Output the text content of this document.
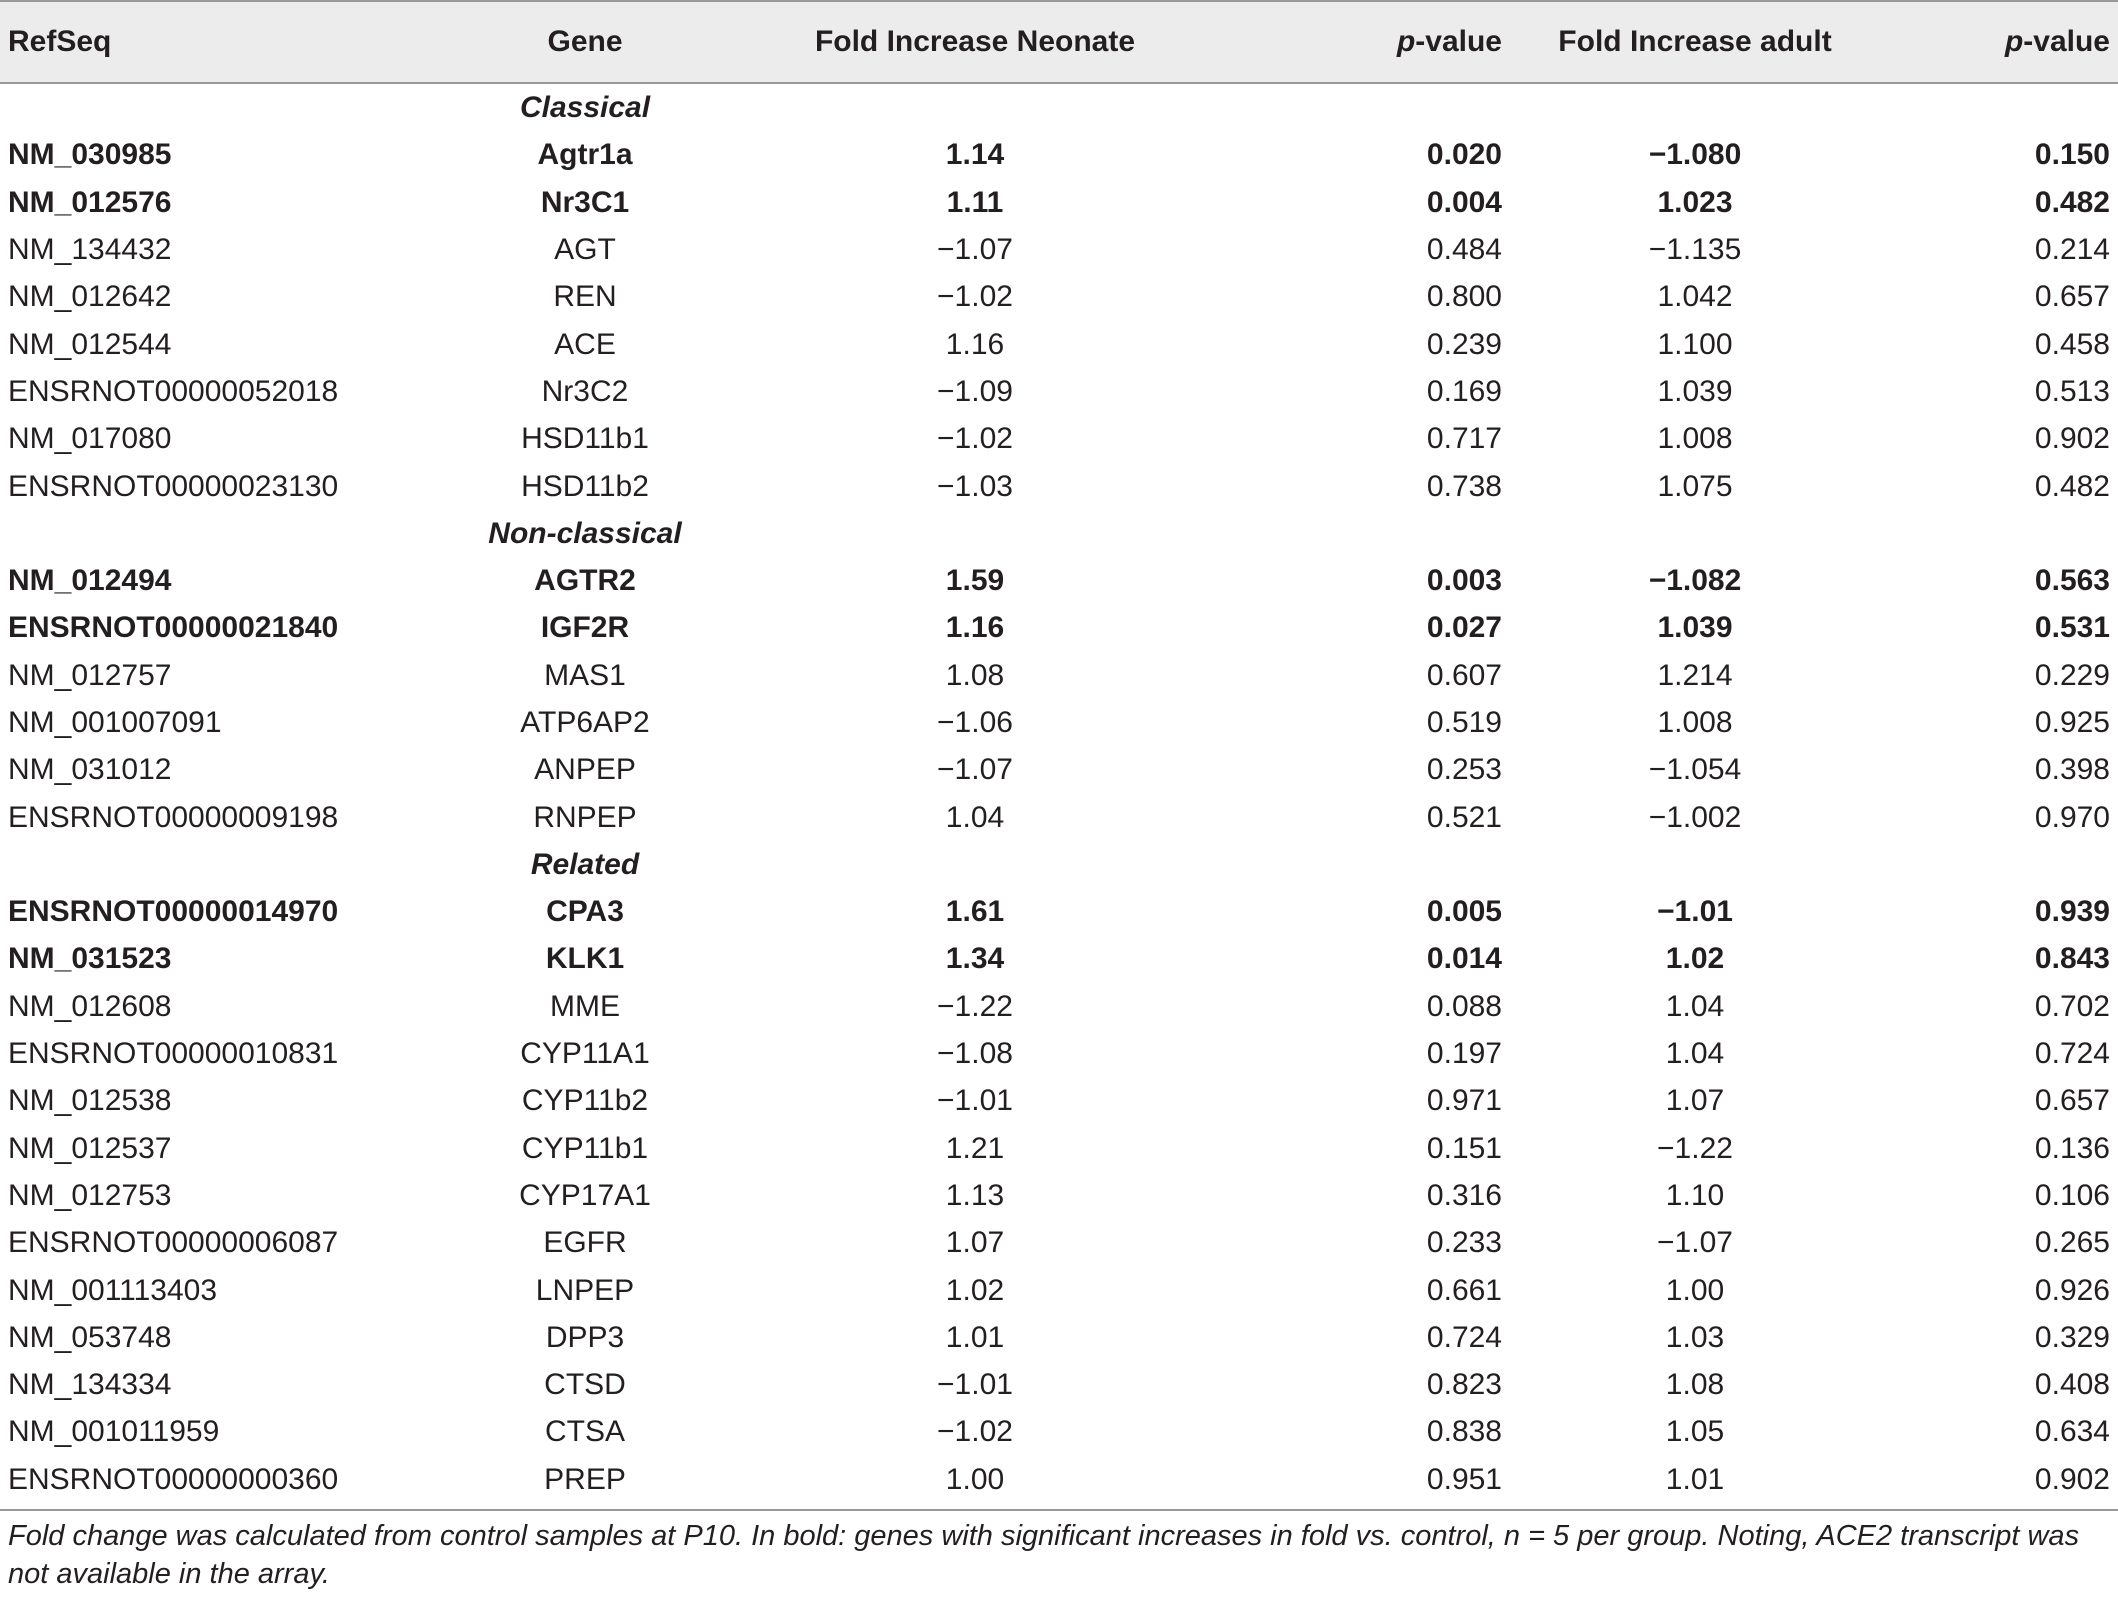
RefSeq	Gene	Fold Increase Neonate	p-value	Fold Increase adult	p-value
	Classical				
NM_030985	Agtr1a	1.14	0.020	−1.080	0.150
NM_012576	Nr3C1	1.11	0.004	1.023	0.482
NM_134432	AGT	−1.07	0.484	−1.135	0.214
NM_012642	REN	−1.02	0.800	1.042	0.657
NM_012544	ACE	1.16	0.239	1.100	0.458
ENSRNOT00000052018	Nr3C2	−1.09	0.169	1.039	0.513
NM_017080	HSD11b1	−1.02	0.717	1.008	0.902
ENSRNOT00000023130	HSD11b2	−1.03	0.738	1.075	0.482
	Non-classical				
NM_012494	AGTR2	1.59	0.003	−1.082	0.563
ENSRNOT00000021840	IGF2R	1.16	0.027	1.039	0.531
NM_012757	MAS1	1.08	0.607	1.214	0.229
NM_001007091	ATP6AP2	−1.06	0.519	1.008	0.925
NM_031012	ANPEP	−1.07	0.253	−1.054	0.398
ENSRNOT00000009198	RNPEP	1.04	0.521	−1.002	0.970
	Related				
ENSRNOT00000014970	CPA3	1.61	0.005	−1.01	0.939
NM_031523	KLK1	1.34	0.014	1.02	0.843
NM_012608	MME	−1.22	0.088	1.04	0.702
ENSRNOT00000010831	CYP11A1	−1.08	0.197	1.04	0.724
NM_012538	CYP11b2	−1.01	0.971	1.07	0.657
NM_012537	CYP11b1	1.21	0.151	−1.22	0.136
NM_012753	CYP17A1	1.13	0.316	1.10	0.106
ENSRNOT00000006087	EGFR	1.07	0.233	−1.07	0.265
NM_001113403	LNPEP	1.02	0.661	1.00	0.926
NM_053748	DPP3	1.01	0.724	1.03	0.329
NM_134334	CTSD	−1.01	0.823	1.08	0.408
NM_001011959	CTSA	−1.02	0.838	1.05	0.634
ENSRNOT00000000360	PREP	1.00	0.951	1.01	0.902
Fold change was calculated from control samples at P10. In bold: genes with significant increases in fold vs. control, n = 5 per group. Noting, ACE2 transcript was not available in the array.
